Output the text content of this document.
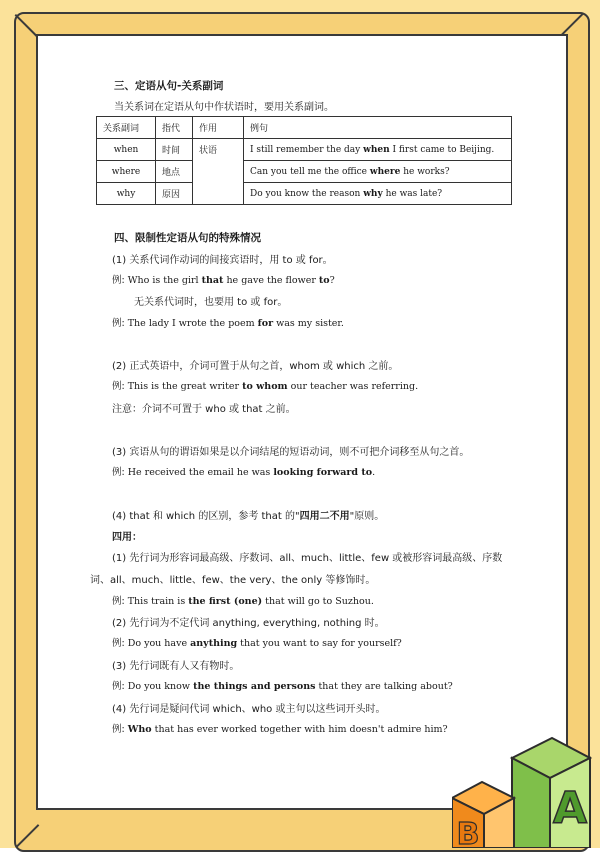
三、定语从句-关系副词
当关系词在定语从句中作状语时，要用关系副词。
关系副词	指代	作用	例句
when	时间	状语	I still remember the day when I first came to Beijing.
where	地点		Can you tell me the office where he works?
why	原因		Do you know the reason why he was late?
四、限制性定语从句的特殊情况
(1) 关系代词作动词的间接宾语时，用 to 或 for。
例: Who is the girl that he gave the flower to?
无关系代词时，也要用 to 或 for。
例: The lady I wrote the poem for was my sister.
(2) 正式英语中，介词可置于从句之首，whom 或 which 之前。
例: This is the great writer to whom our teacher was referring.
注意：介词不可置于 who 或 that 之前。
(3) 宾语从句的谓语如果是以介词结尾的短语动词，则不可把介词移至从句之首。
例: He received the email he was looking forward to.
(4) that 和 which 的区别，参考 that 的"四用二不用"原则。
四用：
(1) 先行词为形容词最高级、序数词、all、much、little、few 或被形容词最高级、序数
词、all、much、little、few、the very、the only 等修饰时。
例: This train is the first (one) that will go to Suzhou.
(2) 先行词为不定代词 anything, everything, nothing 时。
例: Do you have anything that you want to say for yourself?
(3) 先行词既有人又有物时。
例: Do you know the things and persons that they are talking about?
(4) 先行词是疑问代词 which、who 或主句以这些词开头时。
例: Who that has ever worked together with him doesn't admire him?
A
B
